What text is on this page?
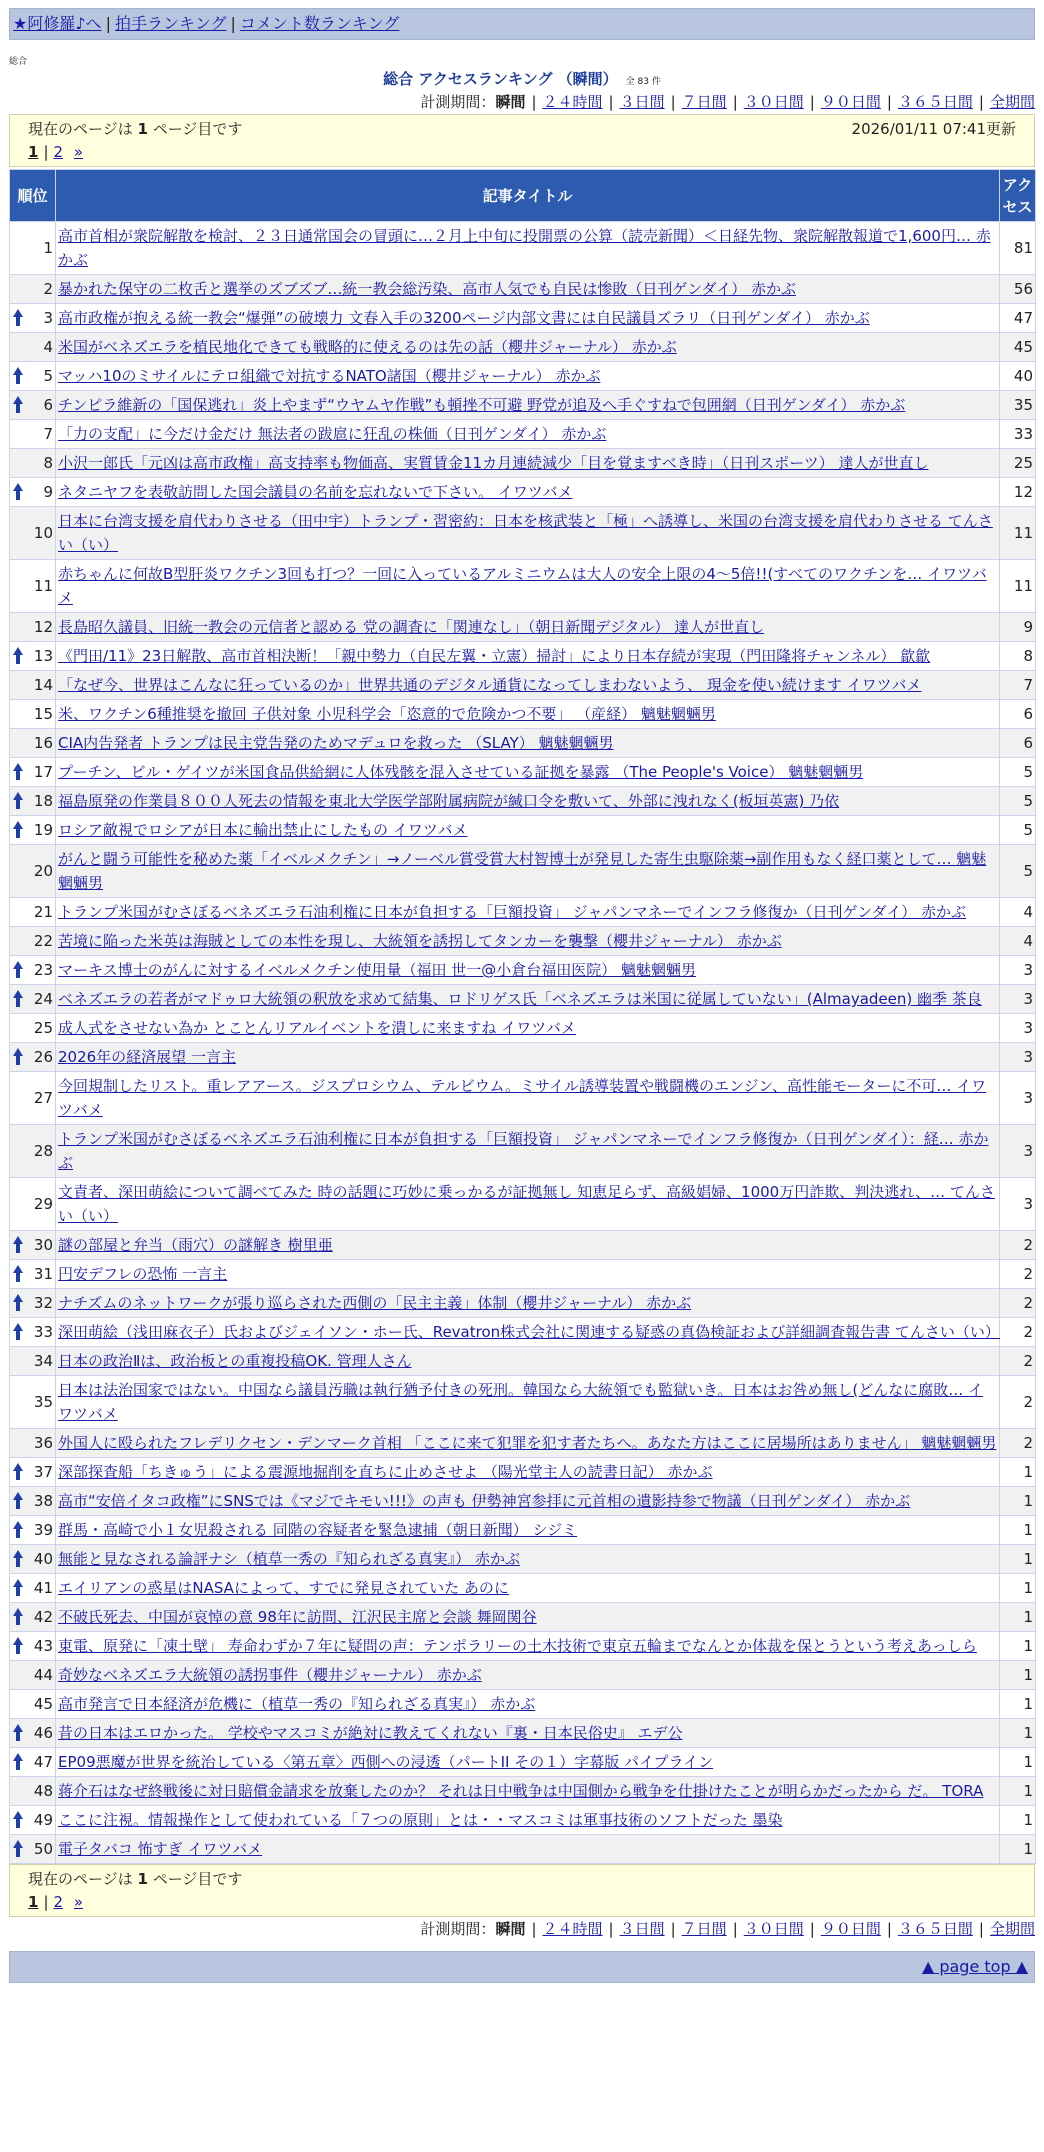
★阿修羅♪へ | 拍手ランキング | コメント数ランキング
総合
総合 アクセスランキング （瞬間） 全 83 件
計測期間：瞬間 | ２４時間 | ３日間 | ７日間 | ３０日間 | ９０日間 | ３６５日間 | 全期間
現在のページは 1 ページ目です	2026/01/11 07:41更新
1 | 2 »
順位	記事タイトル	アクセス
1	高市首相が衆院解散を検討、２３日通常国会の冒頭に…２月上中旬に投開票の公算（読売新聞）＜日経先物、衆院解散報道で1,600円… 赤かぶ	81
2	暴かれた保守の二枚舌と選挙のズブズブ…統一教会総汚染、高市人気でも自民は惨敗（日刊ゲンダイ） 赤かぶ	56

3	高市政権が抱える統一教会“爆弾”の破壊力 文春入手の3200ページ内部文書には自民議員ズラリ（日刊ゲンダイ） 赤かぶ	47
4	米国がベネズエラを植民地化できても戦略的に使えるのは先の話（櫻井ジャーナル） 赤かぶ	45

5	マッハ10のミサイルにテロ組織で対抗するNATO諸国（櫻井ジャーナル） 赤かぶ	40

6	チンピラ維新の「国保逃れ」炎上やまず“ウヤムヤ作戦”も頓挫不可避 野党が追及へ手ぐすねで包囲網（日刊ゲンダイ） 赤かぶ	35
7	「力の支配」に今だけ金だけ 無法者の跋扈に狂乱の株価（日刊ゲンダイ） 赤かぶ	33
8	小沢一郎氏「元凶は高市政権」高支持率も物価高、実質賃金11カ月連続減少「目を覚ますべき時」（日刊スポーツ） 達人が世直し	25

9	ネタニヤフを表敬訪問した国会議員の名前を忘れないで下さい。 イワツバメ	12
10	日本に台湾支援を肩代わりさせる（田中宇）トランプ・習密約：日本を核武装と「極」へ誘導し、米国の台湾支援を肩代わりさせる てんさい（い）	11
11	赤ちゃんに何故B型肝炎ワクチン3回も打つ？一回に入っているアルミニウムは大人の安全上限の4～5倍!!(すべてのワクチンを… イワツバメ	11
12	長島昭久議員、旧統一教会の元信者と認める 党の調査に「関連なし」（朝日新聞デジタル） 達人が世直し	9

13	《門田/11》23日解散、高市首相決断！「親中勢力（自民左翼・立憲）掃討」により日本存続が実現（門田隆将チャンネル） 歙歙	8
14	「なぜ今、世界はこんなに狂っているのか」世界共通のデジタル通貨になってしまわないよう、 現金を使い続けます イワツバメ	7
15	米、ワクチン6種推奨を撤回 子供対象 小児科学会「恣意的で危険かつ不要」 （産経） 魑魅魍魎男	6
16	CIA内告発者 トランプは民主党告発のためマデュロを救った （SLAY） 魑魅魍魎男	6

17	プーチン、ビル・ゲイツが米国食品供給網に人体残骸を混入させている証拠を暴露 （The People's Voice） 魑魅魍魎男	5

18	福島原発の作業員８００人死去の情報を東北大学医学部附属病院が緘口令を敷いて、外部に洩れなく(板垣英憲) 乃依	5

19	ロシア敵視でロシアが日本に輸出禁止にしたもの イワツバメ	5
20	がんと闘う可能性を秘めた薬「イベルメクチン」→ノーベル賞受賞大村智博士が発見した寄生虫駆除薬→副作用もなく経口薬として… 魑魅魍魎男	5
21	トランプ米国がむさぼるベネズエラ石油利権に日本が負担する「巨額投資」 ジャパンマネーでインフラ修復か（日刊ゲンダイ） 赤かぶ	4
22	苦境に陥った米英は海賊としての本性を現し、大統領を誘拐してタンカーを襲撃（櫻井ジャーナル） 赤かぶ	4

23	マーキス博士のがんに対するイベルメクチン使用量（福田 世一@小倉台福田医院） 魑魅魍魎男	3

24	ベネズエラの若者がマドゥロ大統領の釈放を求めて結集、ロドリゲス氏「ベネズエラは米国に従属していない」(Almayadeen) 幽季 茶良	3
25	成人式をさせない為か とことんリアルイベントを潰しに来ますね イワツバメ	3

26	2026年の経済展望 一言主	3
27	今回規制したリスト。重レアアース。ジスプロシウム、テルビウム。ミサイル誘導装置や戦闘機のエンジン、高性能モーターに不可… イワツバメ	3
28	トランプ米国がむさぼるベネズエラ石油利権に日本が負担する「巨額投資」 ジャパンマネーでインフラ修復か（日刊ゲンダイ）：経… 赤かぶ	3
29	文責者、深田萌絵について調べてみた 時の話題に巧妙に乗っかるが証拠無し 知恵足らず、高級娼婦、1000万円詐欺、判決逃れ、… てんさい（い）	3

30	謎の部屋と弁当（雨穴）の謎解き 樹里亜	2

31	円安デフレの恐怖 一言主	2

32	ナチズムのネットワークが張り巡らされた西側の「民主主義」体制（櫻井ジャーナル） 赤かぶ	2

33	深田萌絵（浅田麻衣子）氏およびジェイソン・ホー氏、Revatron株式会社に関連する疑惑の真偽検証および詳細調査報告書 てんさい（い）	2
34	日本の政治Ⅱは、政治板との重複投稿OK. 管理人さん	2
35	日本は法治国家ではない。中国なら議員汚職は執行猶予付きの死刑。韓国なら大統領でも監獄いき。日本はお咎め無し(どんなに腐敗… イワツバメ	2
36	外国人に殴られたフレデリクセン・デンマーク首相 「ここに来て犯罪を犯す者たちへ。あなた方はここに居場所はありません」 魑魅魍魎男	2

37	深部探査船「ちきゅう」による震源地掘削を直ちに止めさせよ （陽光堂主人の読書日記） 赤かぶ	1

38	高市“安倍イタコ政権”にSNSでは《マジでキモい!!!》の声も 伊勢神宮参拝に元首相の遺影持参で物議（日刊ゲンダイ） 赤かぶ	1

39	群馬・高崎で小１女児殺される 同階の容疑者を緊急逮捕（朝日新聞） シジミ	1

40	無能と見なされる論評ナシ（植草一秀の『知られざる真実』） 赤かぶ	1

41	エイリアンの惑星はNASAによって、すでに発見されていた あのに	1

42	不破氏死去、中国が哀悼の意 98年に訪問、江沢民主席と会談 舞岡関谷	1

43	東電、原発に「凍土壁」 寿命わずか７年に疑問の声：テンポラリーの土木技術で東京五輪までなんとか体裁を保とうという考えあっしら	1
44	奇妙なベネズエラ大統領の誘拐事件（櫻井ジャーナル） 赤かぶ	1
45	高市発言で日本経済が危機に（植草一秀の『知られざる真実』） 赤かぶ	1

46	昔の日本はエロかった。 学校やマスコミが絶対に教えてくれない『裏・日本民俗史』 エデ公	1

47	EP09悪魔が世界を統治している〈第五章〉西側への浸透（パートII その１）字幕版 パイプライン	1
48	蒋介石はなぜ終戦後に対日賠償金請求を放棄したのか？ それは日中戦争は中国側から戦争を仕掛けたことが明らかだったから だ。 TORA	1

49	ここに注視。情報操作として使われている「７つの原則」とは・・マスコミは軍事技術のソフトだった 墨染	1

50	電子タバコ 怖すぎ イワツバメ	1
現在のページは 1 ページ目です
1 | 2 »
計測期間：瞬間 | ２４時間 | ３日間 | ７日間 | ３０日間 | ９０日間 | ３６５日間 | 全期間
▲ page top ▲
